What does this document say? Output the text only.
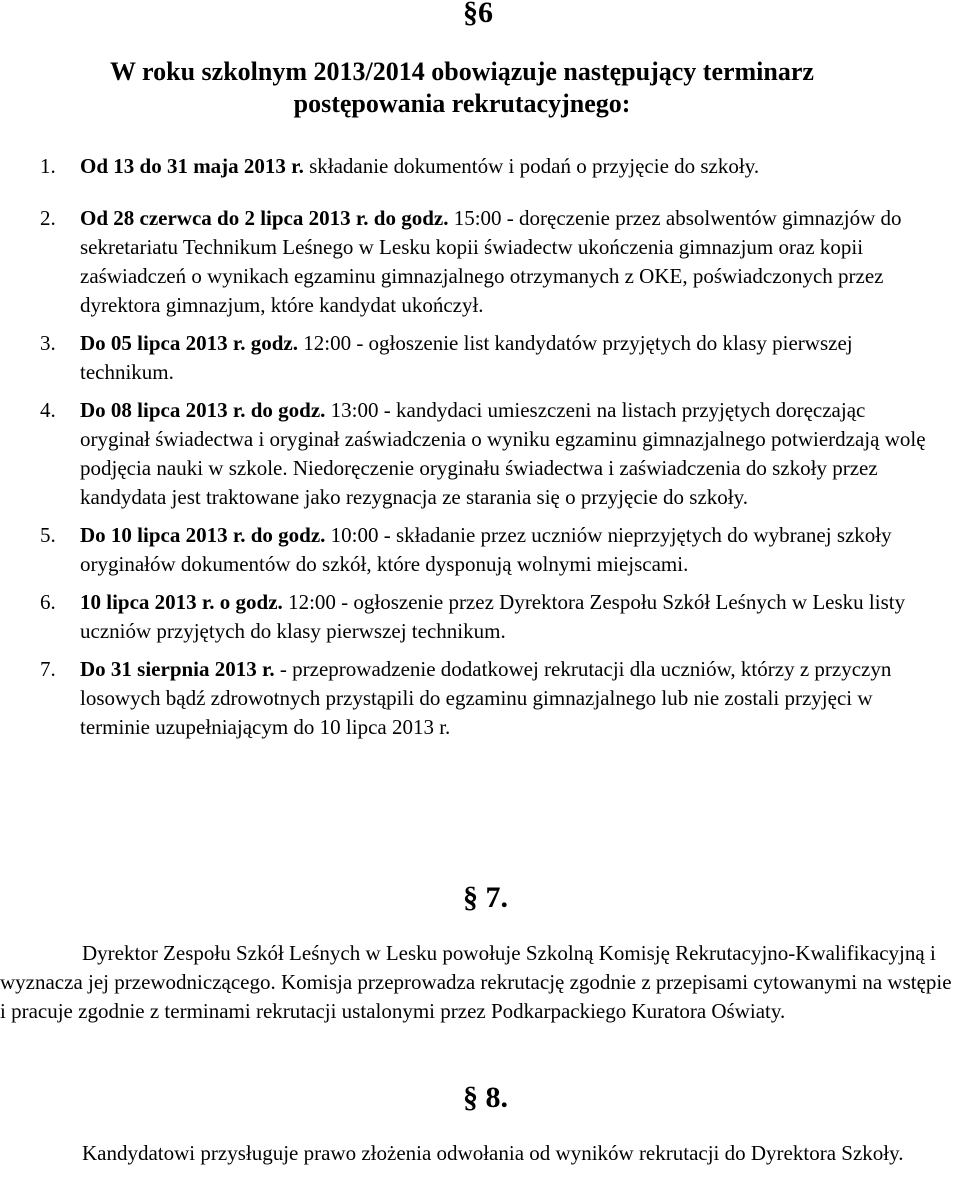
§6
W roku szkolnym 2013/2014 obowiązuje następujący terminarz
postępowania rekrutacyjnego:
1.	Od 13 do 31 maja 2013 r. składanie dokumentów i podań o przyjęcie do szkoły.
2.	Od 28 czerwca do 2 lipca 2013 r. do godz. 15:00 - doręczenie przez absolwentów gimnazjów do sekretariatu Technikum Leśnego w Lesku kopii świadectw ukończenia gimnazjum oraz kopii zaświadczeń o wynikach egzaminu gimnazjalnego otrzymanych z OKE, poświadczonych przez dyrektora gimnazjum, które kandydat ukończył.
3.	Do 05 lipca 2013 r. godz. 12:00 - ogłoszenie list kandydatów przyjętych do klasy pierwszej technikum.
4.	Do 08 lipca 2013 r. do godz. 13:00 - kandydaci umieszczeni na listach przyjętych doręczając oryginał świadectwa i oryginał zaświadczenia o wyniku egzaminu gimnazjalnego potwierdzają wolę podjęcia nauki w szkole. Niedoręczenie oryginału świadectwa i zaświadczenia do szkoły przez kandydata jest traktowane jako rezygnacja ze starania się o przyjęcie do szkoły.
5.	Do 10 lipca 2013 r. do godz. 10:00 - składanie przez uczniów nieprzyjętych do wybranej szkoły oryginałów dokumentów do szkół, które dysponują wolnymi miejscami.
6.	10 lipca 2013 r. o godz. 12:00 - ogłoszenie przez Dyrektora Zespołu Szkół Leśnych w Lesku listy uczniów przyjętych do klasy pierwszej technikum.
7.	Do 31 sierpnia 2013 r. - przeprowadzenie dodatkowej rekrutacji dla uczniów, którzy z przyczyn losowych bądź zdrowotnych przystąpili do egzaminu gimnazjalnego lub nie zostali przyjęci w terminie uzupełniającym do 10 lipca 2013 r.
§ 7.
Dyrektor Zespołu Szkół Leśnych w Lesku powołuje Szkolną Komisję Rekrutacyjno-Kwalifikacyjną i wyznacza jej przewodniczącego. Komisja przeprowadza rekrutację zgodnie z przepisami cytowanymi na wstępie i pracuje zgodnie z terminami rekrutacji ustalonymi przez Podkarpackiego Kuratora Oświaty.
§ 8.
Kandydatowi przysługuje prawo złożenia odwołania od wyników rekrutacji do Dyrektora Szkoły.
